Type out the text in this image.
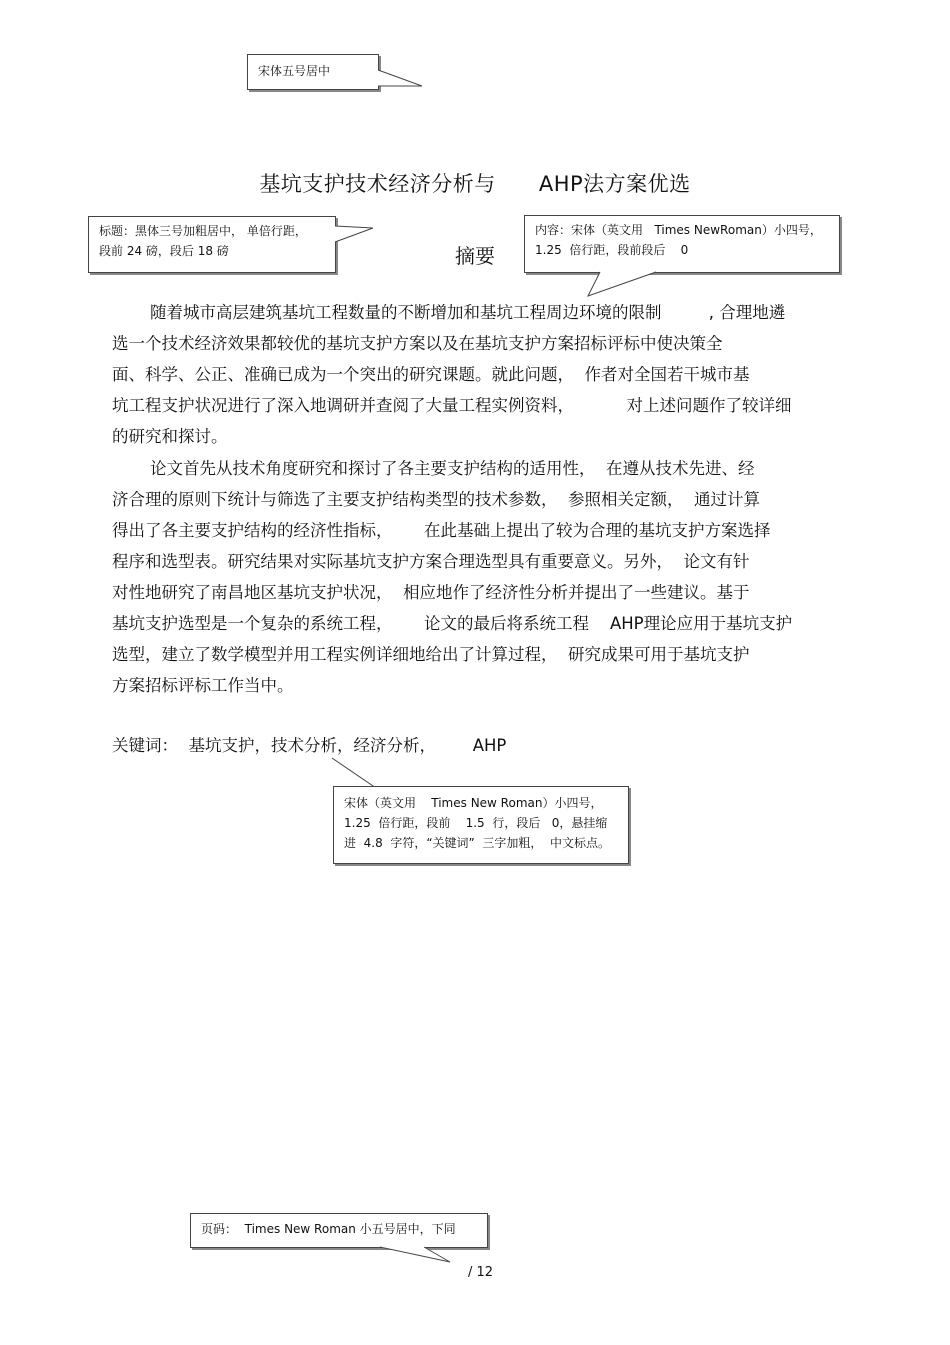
宋体五号居中
基坑支护技术经济分析与      AHP法方案优选
标题：黑体三号加粗居中， 单倍行距，
段前 24 磅，段后 18 磅	摘要
内容：宋体（英文用   Times NewRoman）小四号，
1.25  倍行距，段前段后    0
随着城市高层建筑基坑工程数量的不断增加和基坑工程周边环境的限制         , 合理地遴
选一个技术经济效果都较优的基坑支护方案以及在基坑支护方案招标评标中使决策全
面、科学、公正、准确已成为一个突出的研究课题。就此问题，  作者对全国若干城市基
坑工程支护状况进行了深入地调研并查阅了大量工程实例资料，          对上述问题作了较详细
的研究和探讨。
论文首先从技术角度研究和探讨了各主要支护结构的适用性，  在遵从技术先进、经
济合理的原则下统计与筛选了主要支护结构类型的技术参数，  参照相关定额，  通过计算
得出了各主要支护结构的经济性指标，      在此基础上提出了较为合理的基坑支护方案选择
程序和选型表。研究结果对实际基坑支护方案合理选型具有重要意义。另外，  论文有针
对性地研究了南昌地区基坑支护状况，  相应地作了经济性分析并提出了一些建议。基于
基坑支护选型是一个复杂的系统工程，      论文的最后将系统工程    AHP理论应用于基坑支护
选型，建立了数学模型并用工程实例详细地给出了计算过程，  研究成果可用于基坑支护
方案招标评标工作当中。
关键词：  基坑支护，技术分析，经济分析，       AHP
宋体（英文用    Times New Roman）小四号，
1.25  倍行距，段前    1.5  行，段后   0，悬挂缩
进  4.8  字符，“关键词”  三字加粗，  中文标点。
页码：  Times New Roman 小五号居中，下同
/ 12
